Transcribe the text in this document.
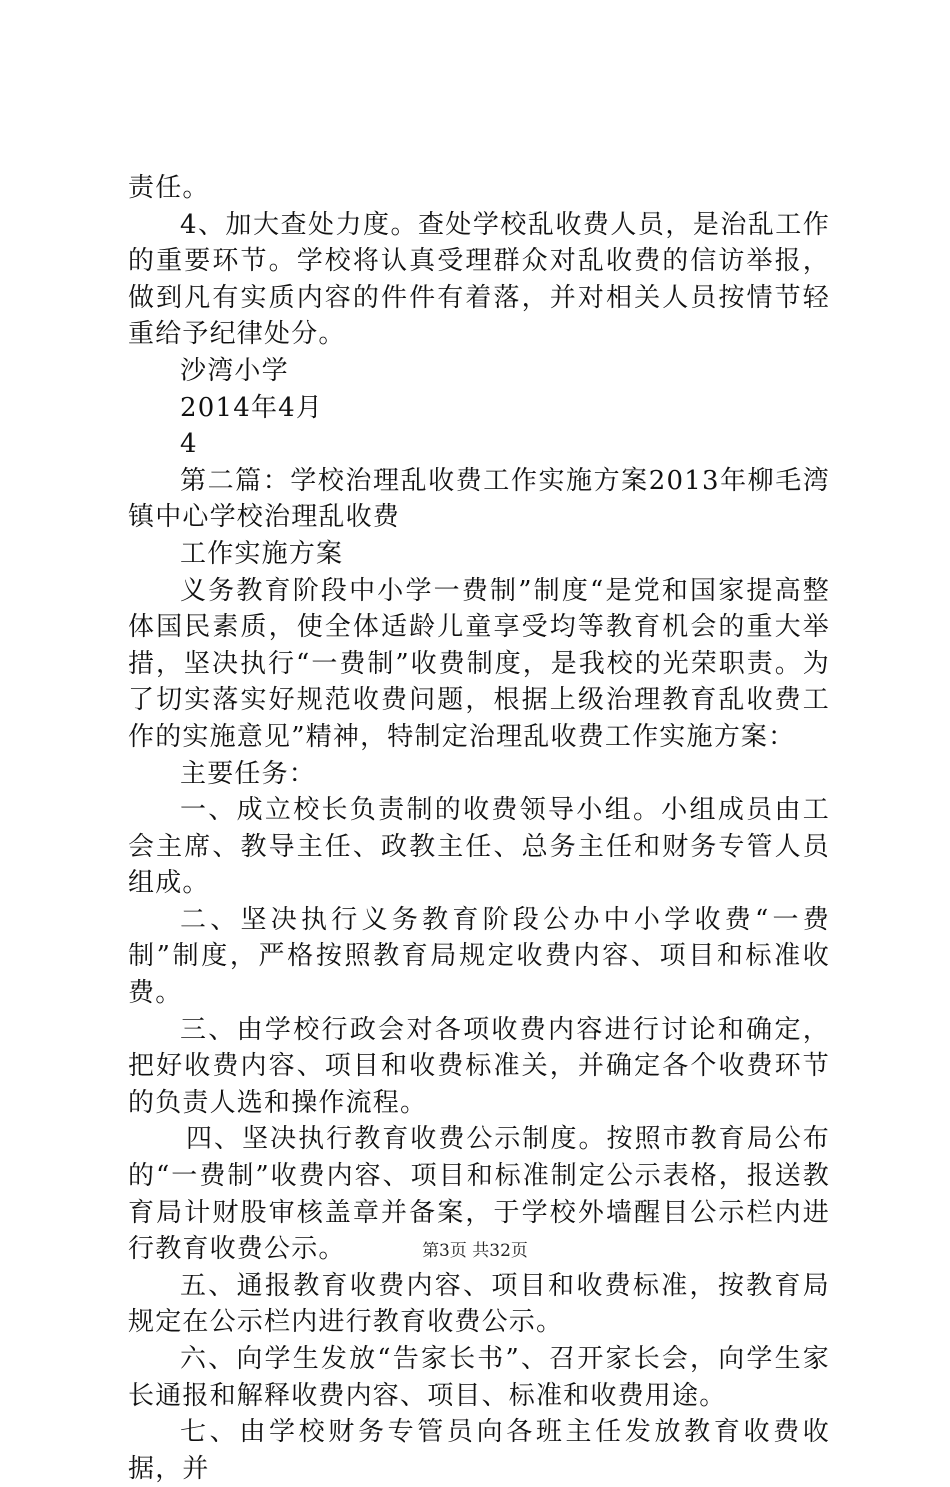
责任。

4、加大查处力度。查处学校乱收费人员，是治乱工作的重要环节。学校将认真受理群众对乱收费的信访举报，做到凡有实质内容的件件有着落，并对相关人员按情节轻重给予纪律处分。

沙湾小学

2014年4月

4

第二篇：学校治理乱收费工作实施方案2013年柳毛湾镇中心学校治理乱收费

工作实施方案

义务教育阶段中小学一费制”制度“是党和国家提高整体国民素质，使全体适龄儿童享受均等教育机会的重大举措，坚决执行“一费制”收费制度，是我校的光荣职责。为了切实落实好规范收费问题，根据上级治理教育乱收费工作的实施意见”精神，特制定治理乱收费工作实施方案：

主要任务：

一、成立校长负责制的收费领导小组。小组成员由工会主席、教导主任、政教主任、总务主任和财务专管人员组成。

二、坚决执行义务教育阶段公办中小学收费“一费制”制度，严格按照教育局规定收费内容、项目和标准收费。

三、由学校行政会对各项收费内容进行讨论和确定，把好收费内容、项目和收费标准关，并确定各个收费环节的负责人选和操作流程。

四、坚决执行教育收费公示制度。按照市教育局公布的“一费制”收费内容、项目和标准制定公示表格，报送教育局计财股审核盖章并备案，于学校外墙醒目公示栏内进行教育收费公示。

五、通报教育收费内容、项目和收费标准，按教育局规定在公示栏内进行教育收费公示。

六、向学生发放“告家长书”、召开家长会，向学生家长通报和解释收费内容、项目、标准和收费用途。

七、由学校财务专管员向各班主任发放教育收费收据，并

第3页 共32页
